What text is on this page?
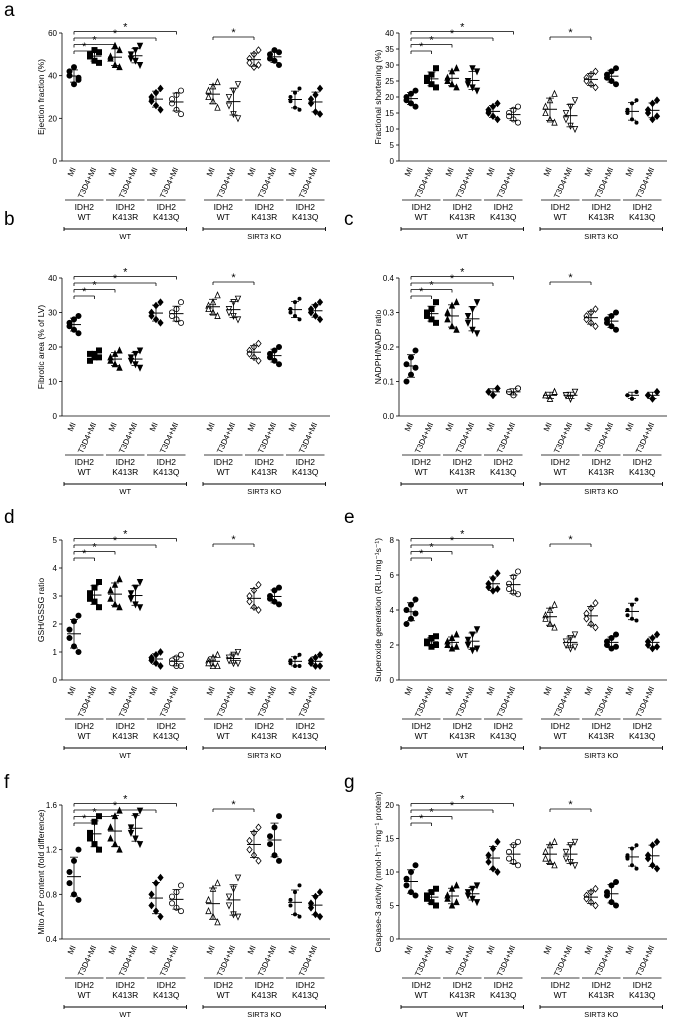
a
b	c
d	e
f	g
0
20
40
60
Ejection fraction (%)
MI
T3D4+MI MI
T3D4+MI MI
T3D4+MI	MI
T3D4+MI MI
T3D4+MI MI
T3D4+MI
*
*
*
*	*
IDH2
WT
IDH2
K413R
IDH2
K413Q
IDH2
WT
IDH2
K413R
IDH2
K413Q
WT	SIRT3 KO
0
5
10
15
20
25
30
35
40
Fractional shortening (%)
MI
T3D4+MI MI
T3D4+MI MI
T3D4+MI	MI
T3D4+MI MI
T3D4+MI MI
T3D4+MI
*
*
*
*	*
IDH2
WT
IDH2
K413R
IDH2
K413Q
IDH2
WT
IDH2
K413R
IDH2
K413Q
WT	SIRT3 KO
0
10
20
30
40
Fibrotic area (% of LV)
MI
T3D4+MI MI
T3D4+MI MI
T3D4+MI	MI
T3D4+MI MI
T3D4+MI MI
T3D4+MI
*
*
*
*	*
IDH2
WT
IDH2
K413R
IDH2
K413Q
IDH2
WT
IDH2
K413R
IDH2
K413Q
WT	SIRT3 KO
0.0
0.1
0.2
0.3
0.4
NADPH/NADP ratio
MI
T3D4+MI MI
T3D4+MI MI
T3D4+MI	MI
T3D4+MI MI
T3D4+MI MI
T3D4+MI
*
*
*
*	*
IDH2
WT
IDH2
K413R
IDH2
K413Q
IDH2
WT
IDH2
K413R
IDH2
K413Q
WT	SIRT3 KO
0
1
2
3
4
5
GSH/GSSG ratio
MI
T3D4+MI MI
T3D4+MI MI
T3D4+MI	MI
T3D4+MI MI
T3D4+MI MI
T3D4+MI
*
*
*
*	*
IDH2
WT
IDH2
K413R
IDH2
K413Q
IDH2
WT
IDH2
K413R
IDH2
K413Q
WT	SIRT3 KO
0
2
4
6
8
Superoxide generation (RLU·mg⁻¹s⁻¹)
MI
T3D4+MI MI
T3D4+MI MI
T3D4+MI	MI
T3D4+MI MI
T3D4+MI MI
T3D4+MI
*
*
*
*	*
IDH2
WT
IDH2
K413R
IDH2
K413Q
IDH2
WT
IDH2
K413R
IDH2
K413Q
WT	SIRT3 KO
0.4
0.8
1.2
1.6
Mito ATP content (fold difference)
MI
T3D4+MI MI
T3D4+MI MI
T3D4+MI	MI
T3D4+MI MI
T3D4+MI MI
T3D4+MI
*
*
*
*	*
IDH2
WT
IDH2
K413R
IDH2
K413Q
IDH2
WT
IDH2
K413R
IDH2
K413Q
WT	SIRT3 KO
0
5
10
15
20
Caspase-3 activity (nmol·h⁻¹·mg⁻¹ protein) MI
T3D4+MI MI
T3D4+MI MI
T3D4+MI	MI
T3D4+MI MI
T3D4+MI MI
T3D4+MI
*
*
*
*	*
IDH2
WT
IDH2
K413R
IDH2
K413Q
IDH2
WT
IDH2
K413R
IDH2
K413Q
WT	SIRT3 KO
